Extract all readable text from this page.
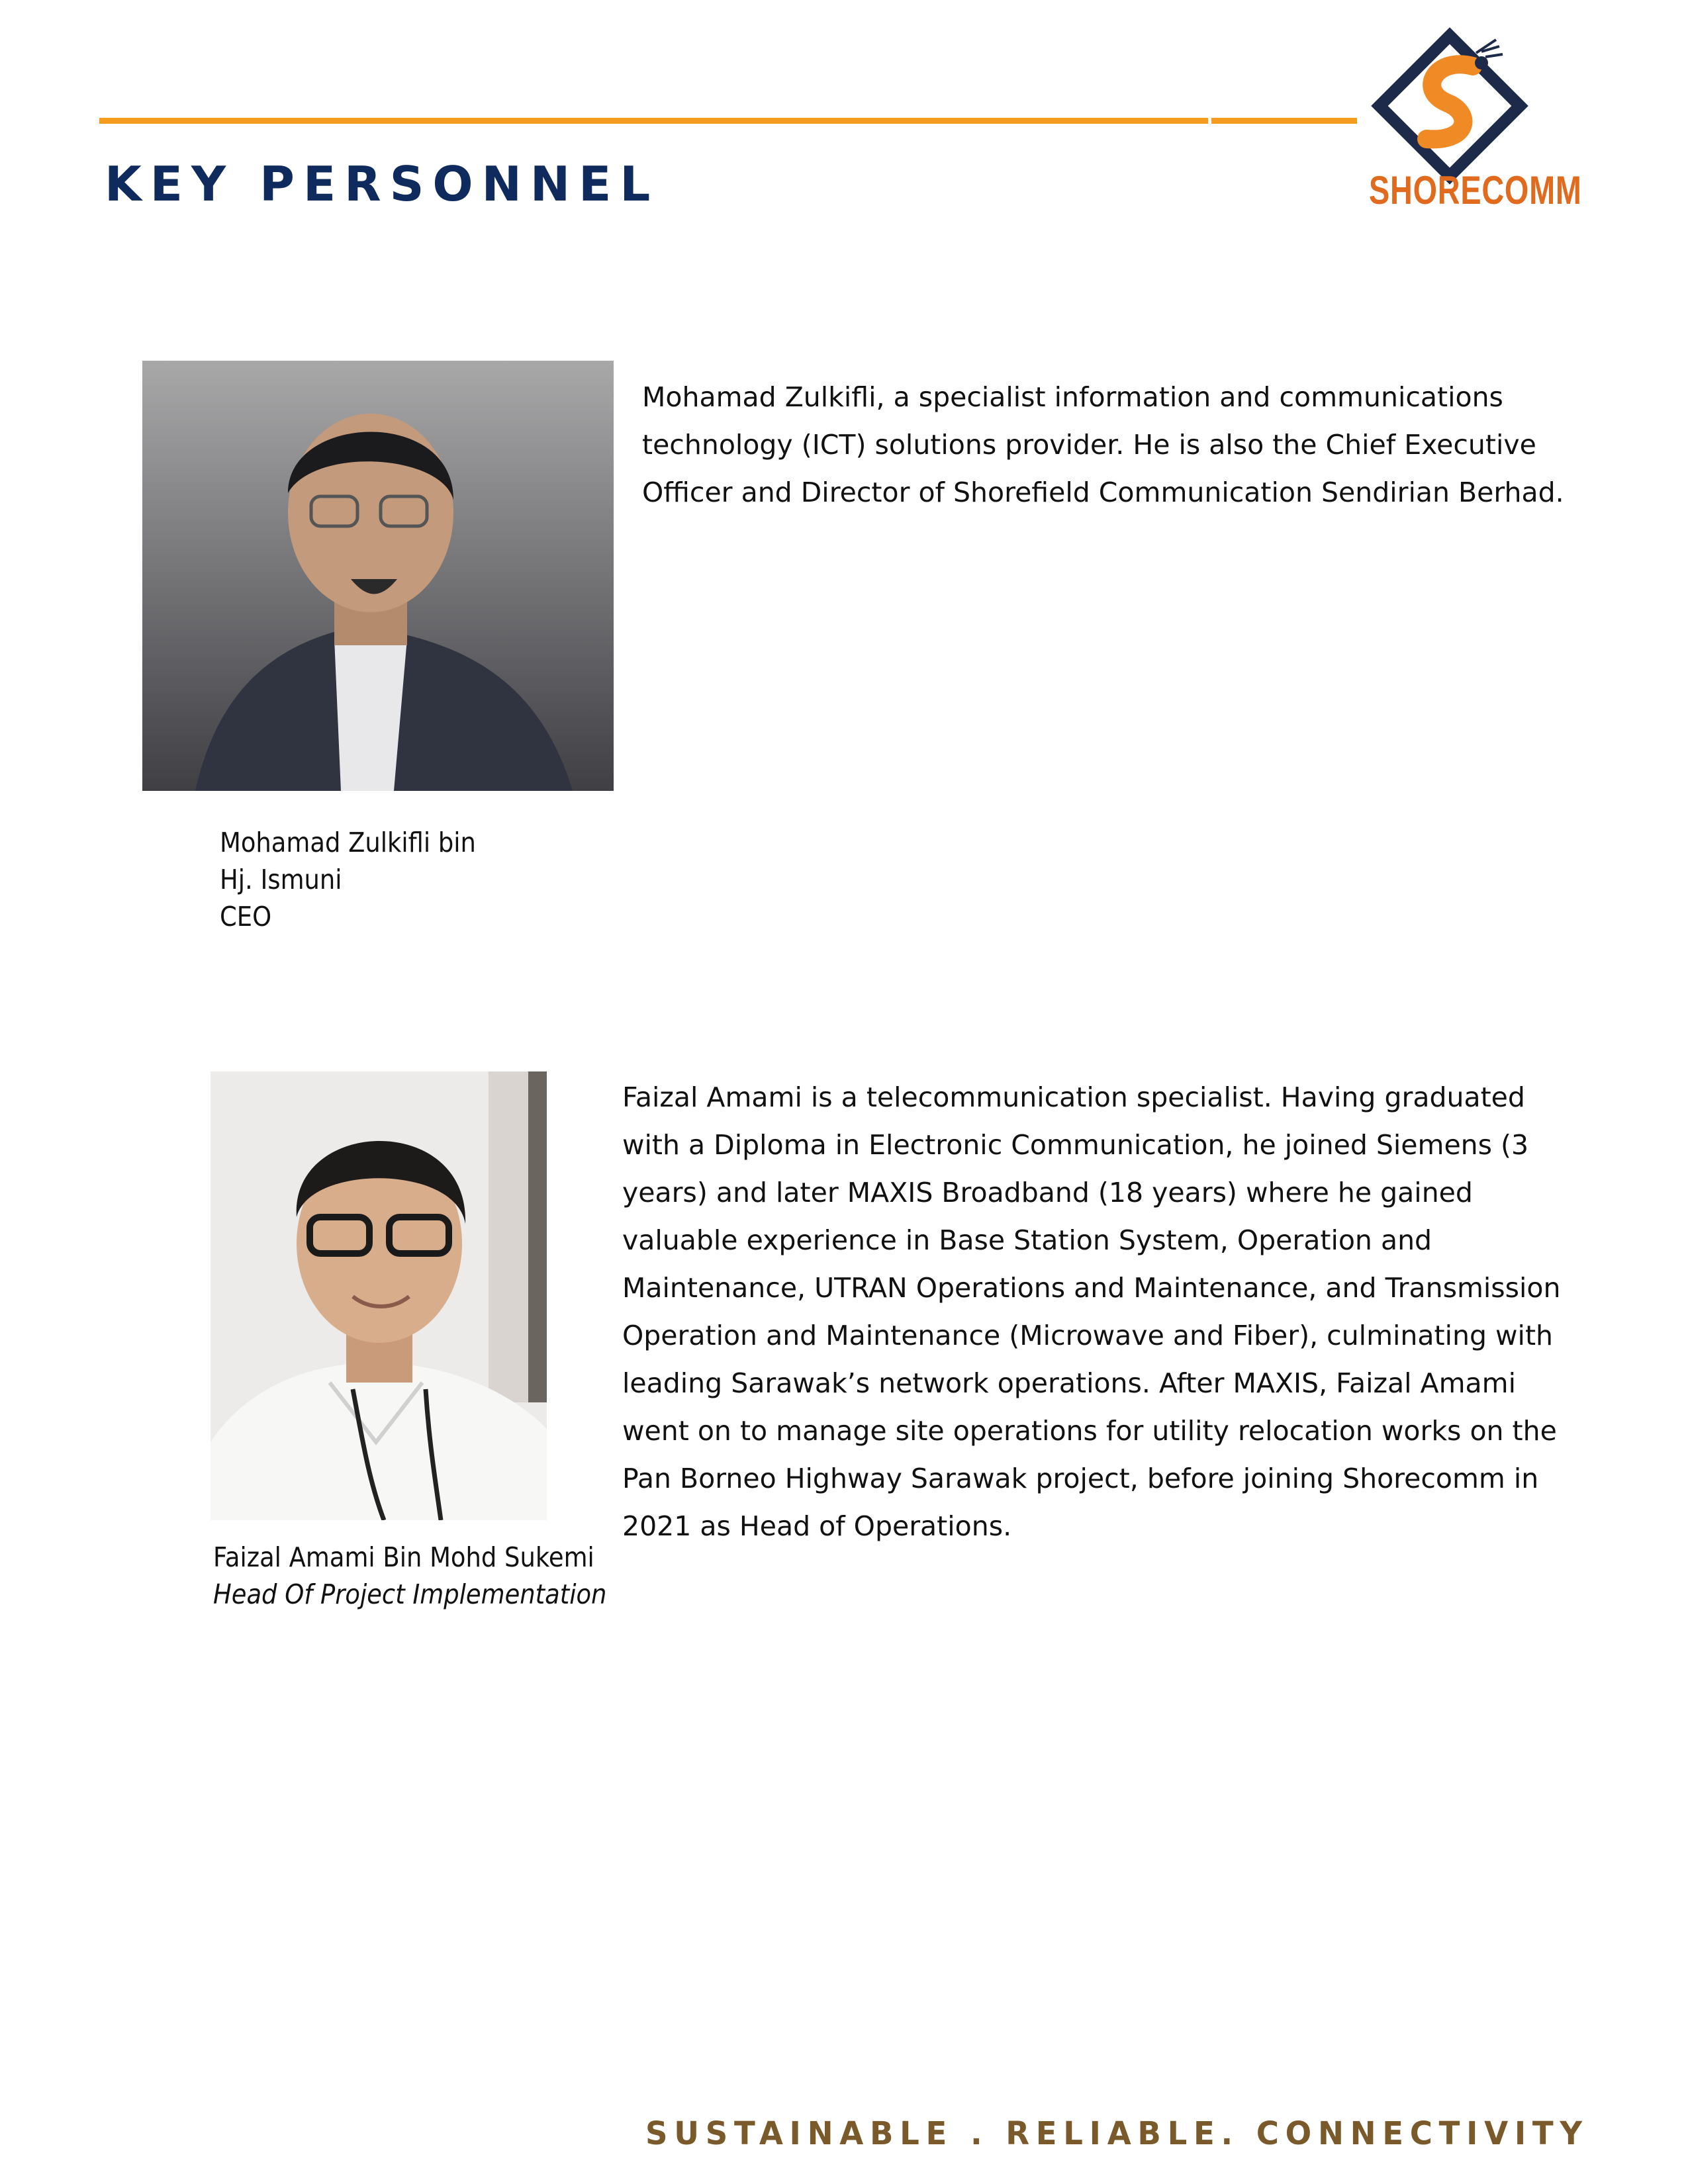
KEY PERSONNEL	SHORECOMM
Mohamad Zulkifli, a specialist information and communications technology (ICT) solutions provider. He is also the Chief Executive Officer and Director of Shorefield Communication Sendirian Berhad.
Mohamad Zulkifli bin
Hj. Ismuni
CEO
Faizal Amami is a telecommunication specialist. Having graduated with a Diploma in Electronic Communication, he joined Siemens (3 years) and later MAXIS Broadband (18 years) where he gained valuable experience in Base Station System, Operation and Maintenance, UTRAN Operations and Maintenance, and Transmission Operation and Maintenance (Microwave and Fiber), culminating with leading Sarawak’s network operations. After MAXIS, Faizal Amami went on to manage site operations for utility relocation works on the Pan Borneo Highway Sarawak project, before joining Shorecomm in 2021 as Head of Operations.
Faizal Amami Bin Mohd Sukemi
Head Of Project Implementation
SUSTAINABLE . RELIABLE. CONNECTIVITY
